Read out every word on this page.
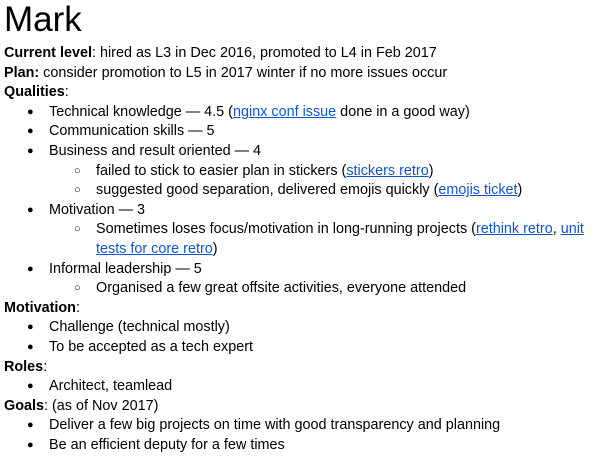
Mark
Current level: hired as L3 in Dec 2016, promoted to L4 in Feb 2017
Plan: consider promotion to L5 in 2017 winter if no more issues occur
Qualities:
● Technical knowledge — 4.5 (nginx conf issue done in a good way)
● Communication skills — 5
● Business and result oriented — 4
○ failed to stick to easier plan in stickers (stickers retro)
○ suggested good separation, delivered emojis quickly (emojis ticket)
● Motivation — 3
○ Sometimes loses focus/motivation in long-running projects (rethink retro, unit tests for core retro)
● Informal leadership — 5
○ Organised a few great offsite activities, everyone attended
Motivation:
● Challenge (technical mostly)
● To be accepted as a tech expert
Roles:
● Architect, teamlead
Goals: (as of Nov 2017)
● Deliver a few big projects on time with good transparency and planning
● Be an efficient deputy for a few times
